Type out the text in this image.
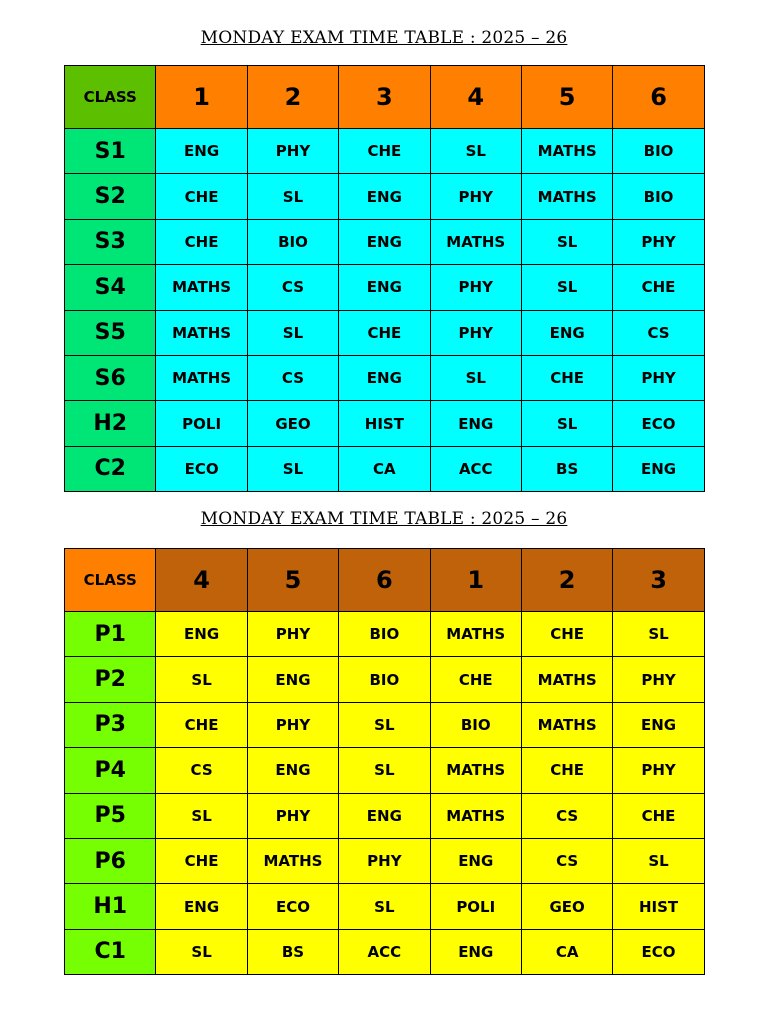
MONDAY EXAM TIME TABLE : 2025 – 26
CLASS	1	2	3	4	5	6
S1	ENG	PHY	CHE	SL	MATHS	BIO
S2	CHE	SL	ENG	PHY	MATHS	BIO
S3	CHE	BIO	ENG	MATHS	SL	PHY
S4	MATHS	CS	ENG	PHY	SL	CHE
S5	MATHS	SL	CHE	PHY	ENG	CS
S6	MATHS	CS	ENG	SL	CHE	PHY
H2	POLI	GEO	HIST	ENG	SL	ECO
C2	ECO	SL	CA	ACC	BS	ENG
MONDAY EXAM TIME TABLE : 2025 – 26
CLASS	4	5	6	1	2	3
P1	ENG	PHY	BIO	MATHS	CHE	SL
P2	SL	ENG	BIO	CHE	MATHS	PHY
P3	CHE	PHY	SL	BIO	MATHS	ENG
P4	CS	ENG	SL	MATHS	CHE	PHY
P5	SL	PHY	ENG	MATHS	CS	CHE
P6	CHE	MATHS	PHY	ENG	CS	SL
H1	ENG	ECO	SL	POLI	GEO	HIST
C1	SL	BS	ACC	ENG	CA	ECO
